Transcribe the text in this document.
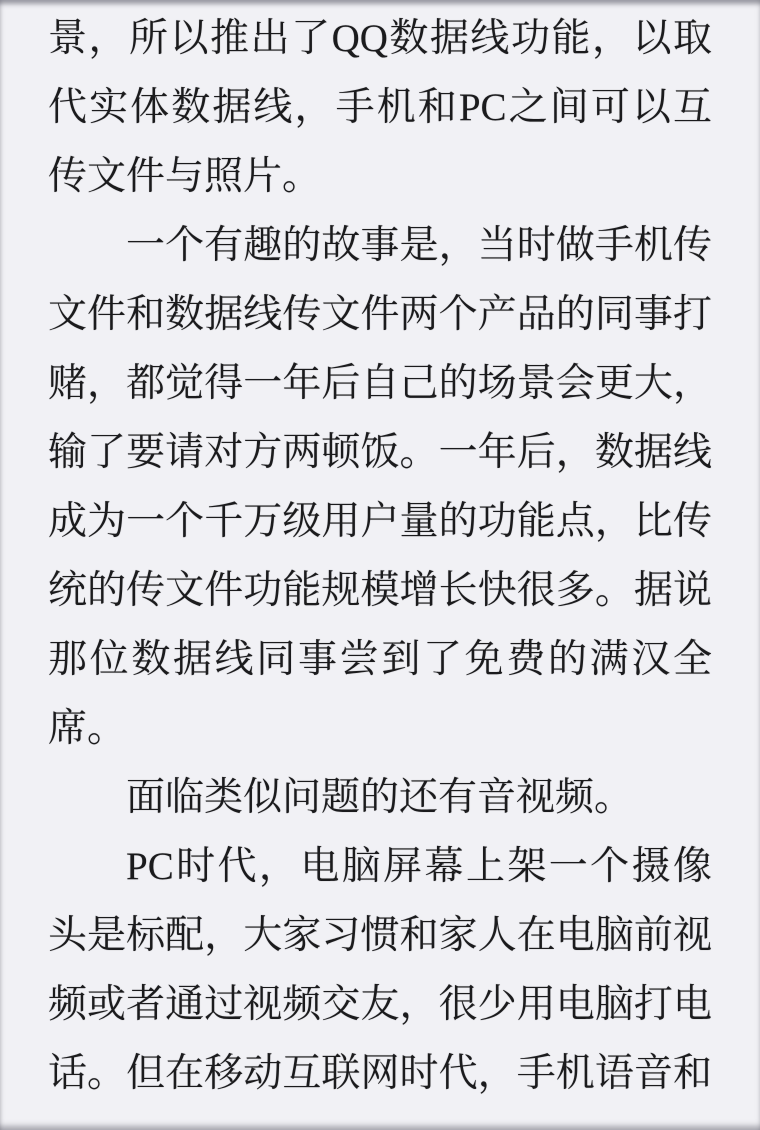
景，所以推出了QQ数据线功能，以取
代实体数据线，手机和PC之间可以互
传文件与照片。
一个有趣的故事是，当时做手机传
文件和数据线传文件两个产品的同事打
赌，都觉得一年后自己的场景会更大，
输了要请对方两顿饭。一年后，数据线
成为一个千万级用户量的功能点，比传
统的传文件功能规模增长快很多。据说
那位数据线同事尝到了免费的满汉全
席。
面临类似问题的还有音视频。
PC时代，电脑屏幕上架一个摄像
头是标配，大家习惯和家人在电脑前视
频或者通过视频交友，很少用电脑打电
话。但在移动互联网时代，手机语音和
